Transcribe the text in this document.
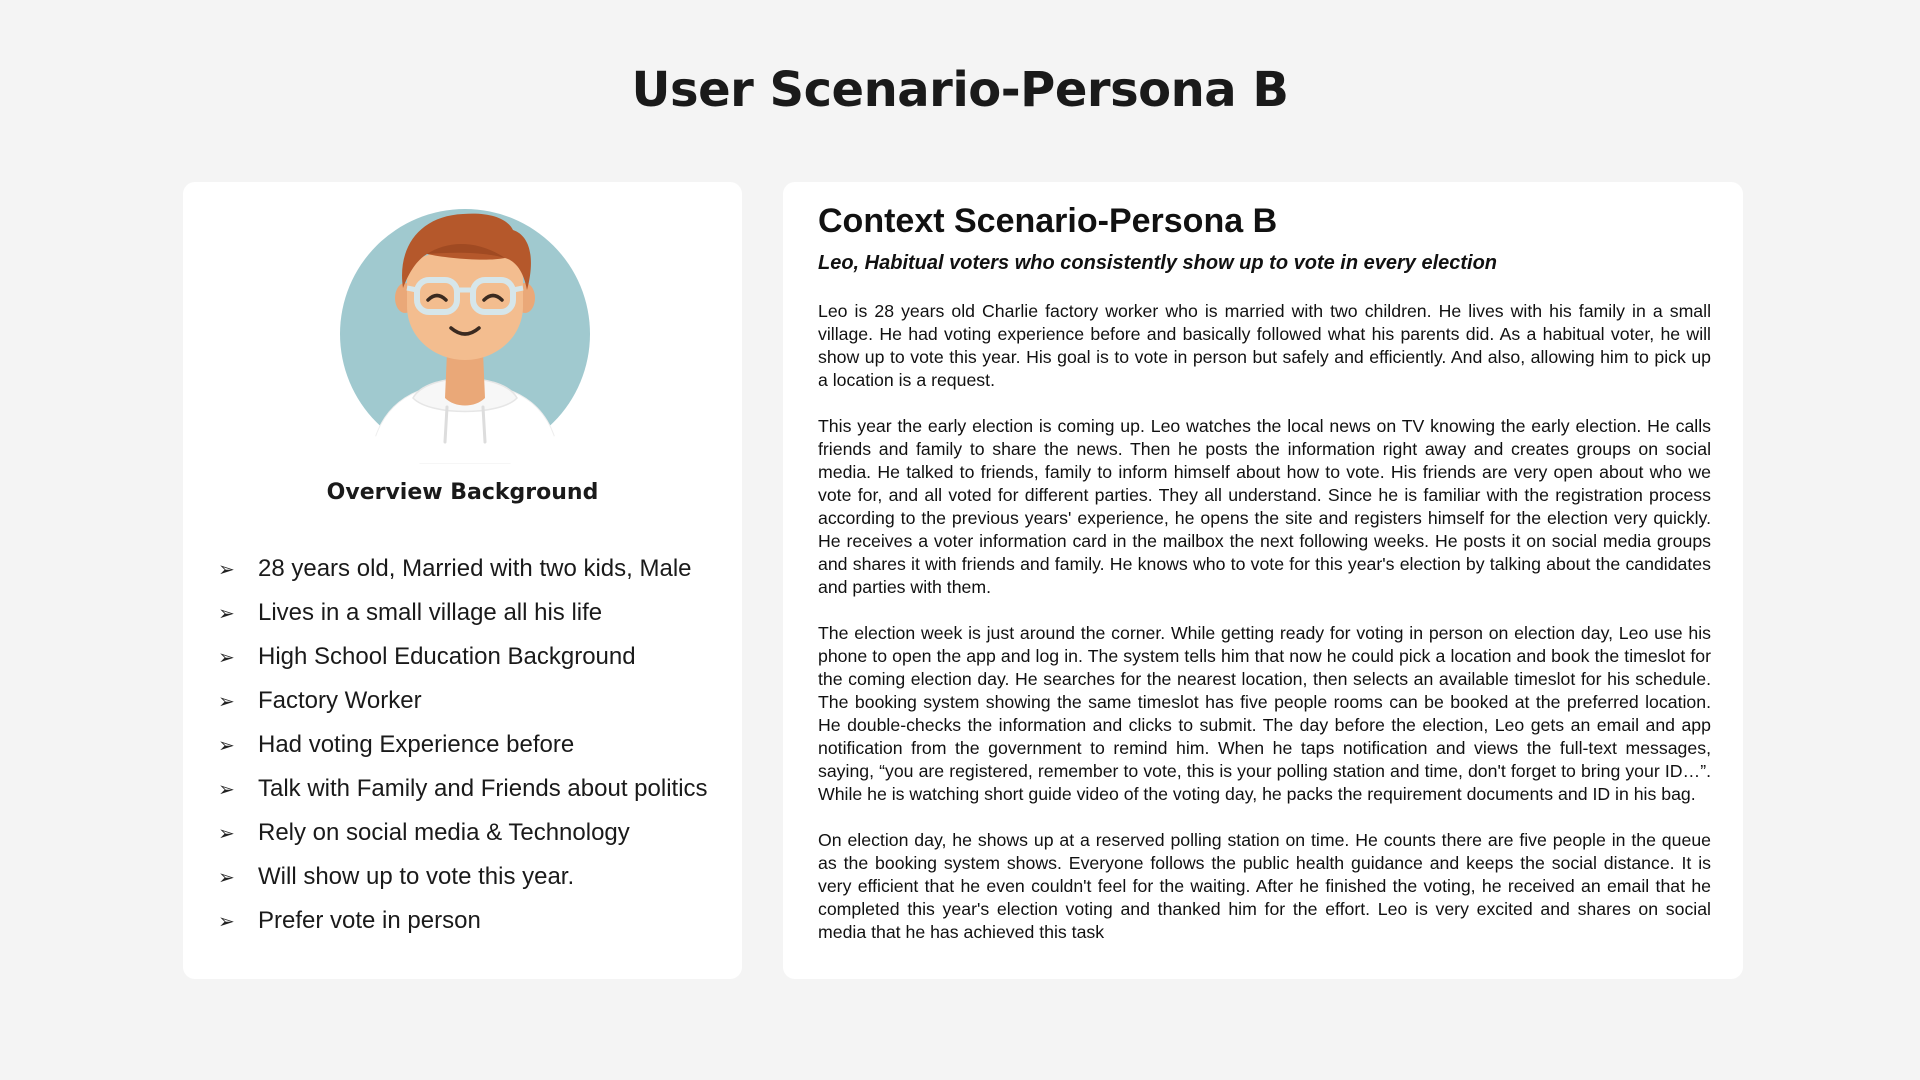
User Scenario-Persona B
Overview Background
➢ 28 years old, Married with two kids, Male
➢ Lives in a small village all his life
➢ High School Education Background
➢ Factory Worker
➢ Had voting Experience before
➢ Talk with Family and Friends about politics
➢ Rely on social media & Technology
➢ Will show up to vote this year.
➢ Prefer vote in person
Context Scenario-Persona B

Leo, Habitual voters who consistently show up to vote in every election

Leo is 28 years old Charlie factory worker who is married with two children. He lives with his family in a small village. He had voting experience before and basically followed what his parents did. As a habitual voter, he will show up to vote this year. His goal is to vote in person but safely and efficiently. And also, allowing him to pick up a location is a request.

This year the early election is coming up. Leo watches the local news on TV knowing the early election. He calls friends and family to share the news. Then he posts the information right away and creates groups on social media. He talked to friends, family to inform himself about how to vote. His friends are very open about who we vote for, and all voted for different parties. They all understand. Since he is familiar with the registration process according to the previous years' experience, he opens the site and registers himself for the election very quickly. He receives a voter information card in the mailbox the next following weeks. He posts it on social media groups and shares it with friends and family. He knows who to vote for this year's election by talking about the candidates and parties with them.

The election week is just around the corner. While getting ready for voting in person on election day, Leo use his phone to open the app and log in. The system tells him that now he could pick a location and book the timeslot for the coming election day. He searches for the nearest location, then selects an available timeslot for his schedule. The booking system showing the same timeslot has five people rooms can be booked at the preferred location. He double-checks the information and clicks to submit. The day before the election, Leo gets an email and app notification from the government to remind him. When he taps notification and views the full-text messages, saying, “you are registered, remember to vote, this is your polling station and time, don't forget to bring your ID…”. While he is watching short guide video of the voting day, he packs the requirement documents and ID in his bag.

On election day, he shows up at a reserved polling station on time. He counts there are five people in the queue as the booking system shows. Everyone follows the public health guidance and keeps the social distance. It is very efficient that he even couldn't feel for the waiting. After he finished the voting, he received an email that he completed this year's election voting and thanked him for the effort. Leo is very excited and shares on social media that he has achieved this task
